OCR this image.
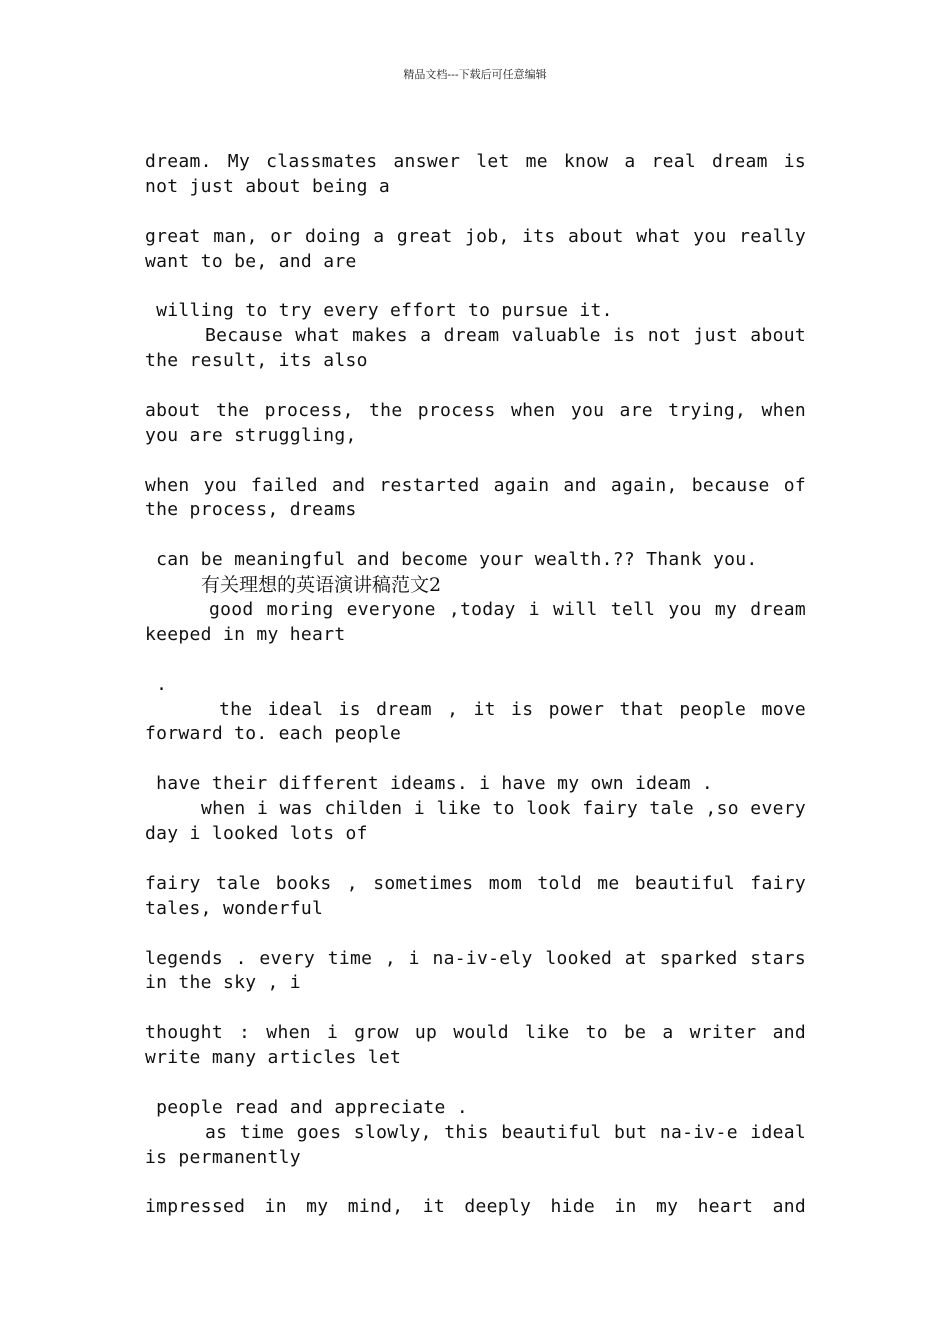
精品文档---下载后可任意编辑
dream. My classmates answer let me know a real dream is
not just about being a
great man, or doing a great job, its about what you really
want to be, and are
willing to try every effort to pursue it.
Because what makes a dream valuable is not just about
the result, its also
about the process, the process when you are trying, when
you are struggling,
when you failed and restarted again and again, because of
the process, dreams
can be meaningful and become your wealth.?? Thank you.
有关理想的英语演讲稿范文2
good moring everyone ,today i will tell you my dream
keeped in my heart
.
the ideal is dream , it is power that people move
forward to. each people
have their different ideams. i have my own ideam .
when i was childen i like to look fairy tale ,so every
day i looked lots of
fairy tale books , sometimes mom told me beautiful fairy
tales, wonderful
legends . every time , i na-iv-ely looked at sparked stars
in the sky , i
thought : when i grow up would like to be a writer and
write many articles let
people read and appreciate .
as time goes slowly, this beautiful but na-iv-e ideal
is permanently
impressed in my mind, it deeply hide in my heart and
